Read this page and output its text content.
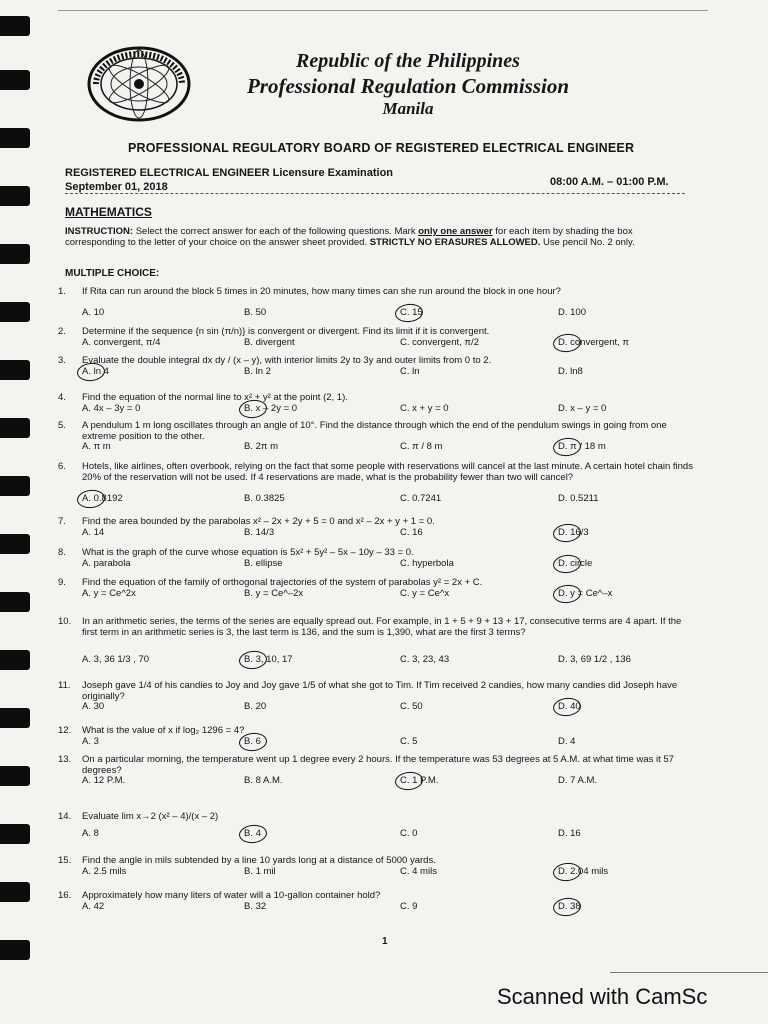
Republic of the Philippines
Professional Regulation Commission
Manila
PROFESSIONAL REGULATORY BOARD OF REGISTERED ELECTRICAL ENGINEER
REGISTERED ELECTRICAL ENGINEER Licensure Examination
September 01, 2018	08:00 A.M. – 01:00 P.M.
MATHEMATICS
INSTRUCTION: Select the correct answer for each of the following questions. Mark only one answer for each item by shading the box corresponding to the letter of your choice on the answer sheet provided. STRICTLY NO ERASURES ALLOWED. Use pencil No. 2 only.
MULTIPLE CHOICE:
1. If Rita can run around the block 5 times in 20 minutes, how many times can she run around the block in one hour?
A. 10	B. 50	C. 15	D. 100
2. Determine if the sequence {n sin (π/n)} is convergent or divergent. Find its limit if it is convergent.
A. convergent, π/4	B. divergent	C. convergent, π/2	D. convergent, π
3. Evaluate the double integral dx dy / (x – y), with interior limits 2y to 3y and outer limits from 0 to 2.
A. ln 4	B. ln 2	C. ln	D. ln8
4. Find the equation of the normal line to x² + y² at the point (2, 1).
A. 4x – 3y = 0	B. x – 2y = 0	C. x + y = 0	D. x – y = 0
5. A pendulum 1 m long oscillates through an angle of 10°. Find the distance through which the end of the pendulum swings in going from one extreme position to the other.
A. π m	B. 2π m	C. π / 8 m	D. π / 18 m
6. Hotels, like airlines, often overbook, relying on the fact that some people with reservations will cancel at the last minute. A certain hotel chain finds 20% of the reservation will not be used. If 4 reservations are made, what is the probability fewer than two will cancel?
A. 0.8192	B. 0.3825	C. 0.7241	D. 0.5211
7. Find the area bounded by the parabolas x² – 2x + 2y + 5 = 0 and x² – 2x + y + 1 = 0.
A. 14	B. 14/3	C. 16	D. 16/3
8. What is the graph of the curve whose equation is 5x² + 5y² – 5x – 10y – 33 = 0.
A. parabola	B. ellipse	C. hyperbola	D. circle
9. Find the equation of the family of orthogonal trajectories of the system of parabolas y² = 2x + C.
A. y = Ce^2x	B. y = Ce^–2x	C. y = Ce^x	D. y = Ce^–x
10. In an arithmetic series, the terms of the series are equally spread out. For example, in 1 + 5 + 9 + 13 + 17, consecutive terms are 4 apart. If the first term in an arithmetic series is 3, the last term is 136, and the sum is 1,390, what are the first 3 terms?
A. 3, 36 1/3 , 70	B. 3, 10, 17	C. 3, 23, 43	D. 3, 69 1/2 , 136
11. Joseph gave 1/4 of his candies to Joy and Joy gave 1/5 of what she got to Tim. If Tim received 2 candies, how many candies did Joseph have originally?
A. 30	B. 20	C. 50	D. 40
12. What is the value of x if log₂ 1296 = 4?
A. 3	B. 6	C. 5	D. 4
13. On a particular morning, the temperature went up 1 degree every 2 hours. If the temperature was 53 degrees at 5 A.M. at what time was it 57 degrees?
A. 12 P.M.	B. 8 A.M.	C. 1 P.M.	D. 7 A.M.
14. Evaluate lim x→2 (x² – 4)/(x – 2)
A. 8	B. 4	C. 0	D. 16
15. Find the angle in mils subtended by a line 10 yards long at a distance of 5000 yards.
A. 2.5 mils	B. 1 mil	C. 4 mils	D. 2.04 mils
16. Approximately how many liters of water will a 10-gallon container hold?
A. 42	B. 32	C. 9	D. 38
1
Scanned with CamSc
